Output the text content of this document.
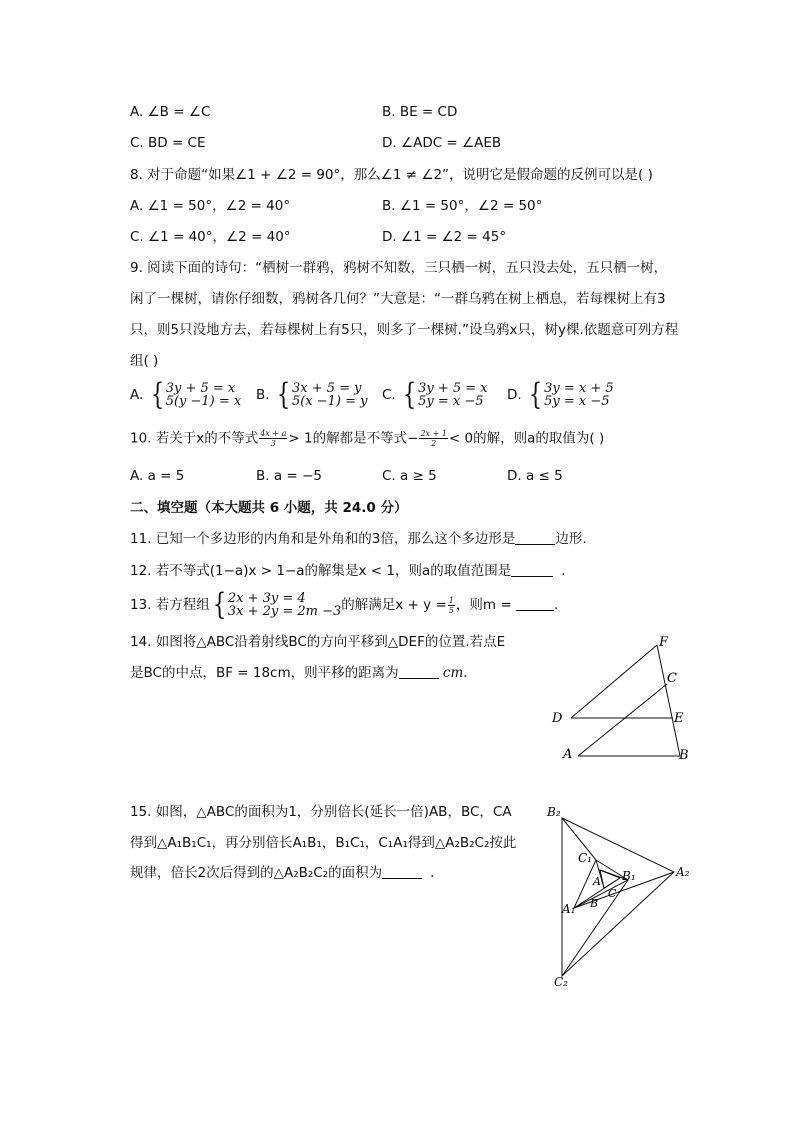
A. ∠B = ∠C	B. BE = CD
C. BD = CE	D. ∠ADC = ∠AEB
8. 对于命题“如果∠1 + ∠2 = 90°，那么∠1 ≠ ∠2”，说明它是假命题的反例可以是( )
A. ∠1 = 50°，∠2 = 40°	B. ∠1 = 50°，∠2 = 50°
C. ∠1 = 40°，∠2 = 40°	D. ∠1 = ∠2 = 45°
9. 阅读下面的诗句：“栖树一群鸦，鸦树不知数，三只栖一树，五只没去处，五只栖一树，
闲了一棵树，请你仔细数，鸦树各几何？”大意是：“一群乌鸦在树上栖息，若每棵树上有3
只，则5只没地方去，若每棵树上有5只，则多了一棵树.”设乌鸦x只，树y棵.依题意可列方程
组( )
A. { 3y + 5 = x
5(y −1) = x B. { 3x + 5 = y
5(x −1) = y C. { 3y + 5 = x
5y = x −5	D. { 3y = x + 5
5y = x −5
10. 若关于x的不等式 $\frac{4x + a}{3} > 1$的解都是不等式− $\frac{2x + 1}{2} < 0$的解，则a的取值为( )
A. a = 5	B. a = −5	C. a ≥ 5	D. a ≤ 5
二、填空题（本大题共 6 小题，共 24.0 分）
11. 已知一个多边形的内角和是外角和的3倍，那么这个多边形是	边形.
12. 若不等式(1−a)x > 1−a的解集是x < 1，则a的取值范围是	.
13. 若方程组 { 2x + 3y = 4
3x + 2y = 2m −3 的解满足$x + y = \frac{1}{5}$ ，则m =	.
14. 如图将△ABC沿着射线BC的方向平移到△DEF的位置.若点E
是BC的中点，BF = 18cm，则平移的距离为	cm.
F
C
D	E
A	B
15. 如图，△ABC的面积为1，分别倍长(延长一倍)AB，BC，CA
得到△A₁B₁C₁，再分别倍长A₁B₁，B₁C₁，C₁A₁得到△A₂B₂C₂按此
规律，倍长2次后得到的△A₂B₂C₂的面积为	.
B₂
C₁
A B₁	A₂
C
A₁ B
C₂
